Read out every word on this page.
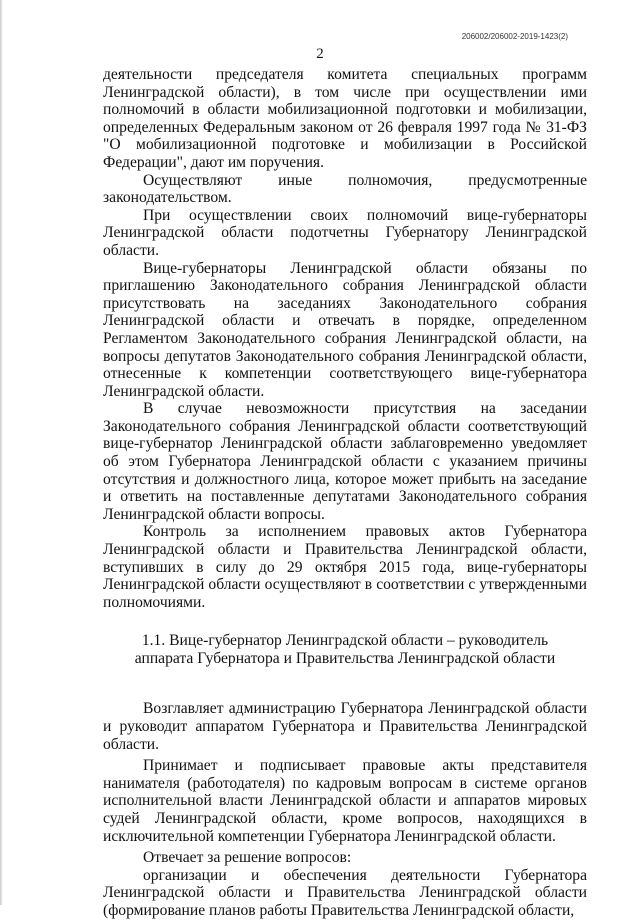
206002/206002-2019-1423(2)
2

деятельности председателя комитета специальных программ Ленинградской области), в том числе при осуществлении ими полномочий в области мобилизационной подготовки и мобилизации, определенных Федеральным законом от 26 февраля 1997 года № 31-ФЗ "О мобилизационной подготовке и мобилизации в Российской Федерации", дают им поручения.

Осуществляют иные полномочия, предусмотренные законодательством.

При осуществлении своих полномочий вице-губернаторы Ленинградской области подотчетны Губернатору Ленинградской области.

Вице-губернаторы Ленинградской области обязаны по приглашению Законодательного собрания Ленинградской области присутствовать на заседаниях Законодательного собрания Ленинградской области и отвечать в порядке, определенном Регламентом Законодательного собрания Ленинградской области, на вопросы депутатов Законодательного собрания Ленинградской области, отнесенные к компетенции соответствующего вице-губернатора Ленинградской области.

В случае невозможности присутствия на заседании Законодательного собрания Ленинградской области соответствующий вице-губернатор Ленинградской области заблаговременно уведомляет об этом Губернатора Ленинградской области с указанием причины отсутствия и должностного лица, которое может прибыть на заседание и ответить на поставленные депутатами Законодательного собрания Ленинградской области вопросы.

Контроль за исполнением правовых актов Губернатора Ленинградской области и Правительства Ленинградской области, вступивших в силу до 29 октября 2015 года, вице-губернаторы Ленинградской области осуществляют в соответствии с утвержденными полномочиями.

1.1. Вице-губернатор Ленинградской области – руководитель аппарата Губернатора и Правительства Ленинградской области

Возглавляет администрацию Губернатора Ленинградской области и руководит аппаратом Губернатора и Правительства Ленинградской области.

Принимает и подписывает правовые акты представителя нанимателя (работодателя) по кадровым вопросам в системе органов исполнительной власти Ленинградской области и аппаратов мировых судей Ленинградской области, кроме вопросов, находящихся в исключительной компетенции Губернатора Ленинградской области.

Отвечает за решение вопросов:

организации и обеспечения деятельности Губернатора Ленинградской области и Правительства Ленинградской области (формирование планов работы Правительства Ленинградской области,
